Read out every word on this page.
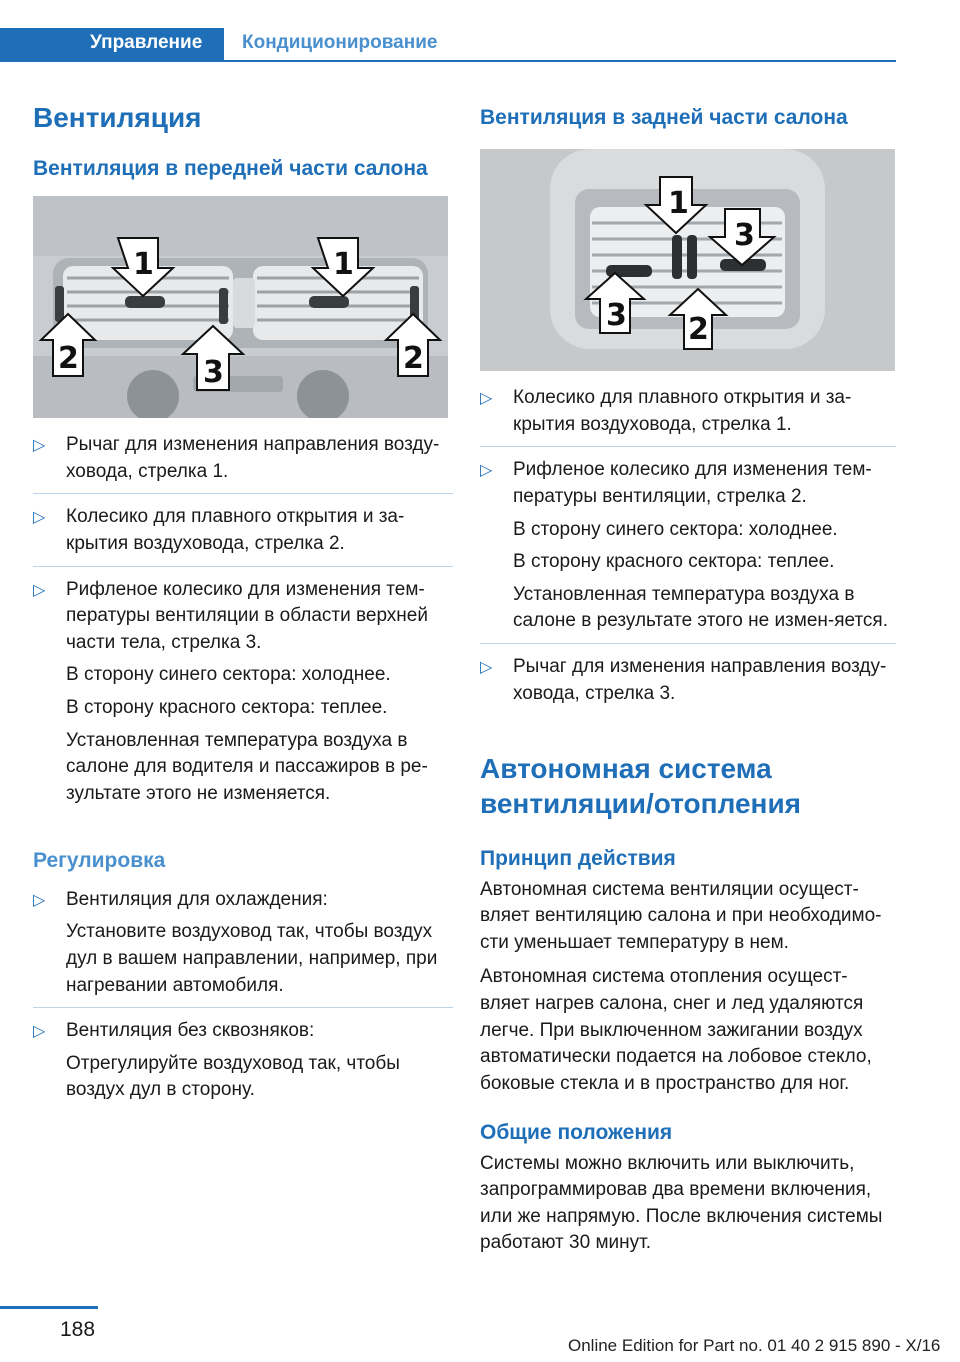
Управление Кондиционирование
Вентиляция
Вентиляция в передней части салона
1	1
2	3	2
▷ Рычаг для изменения направления возду-ховода, стрелка 1.
▷ Колесико для плавного открытия и за-крытия воздуховода, стрелка 2.
▷ Рифленое колесико для изменения тем-пературы вентиляции в области верхней части тела, стрелка 3.
В сторону синего сектора: холоднее.
В сторону красного сектора: теплее.
Установленная температура воздуха в салоне для водителя и пассажиров в ре-зультате этого не изменяется.
Регулировка
▷ Вентиляция для охлаждения:
Установите воздуховод так, чтобы воздух дул в вашем направлении, например, при нагревании автомобиля.
▷ Вентиляция без сквозняков:
Отрегулируйте воздуховод так, чтобы воздух дул в сторону.
Вентиляция в задней части салона
1
3
3 2
▷ Колесико для плавного открытия и за-крытия воздуховода, стрелка 1.
▷ Рифленое колесико для изменения тем-пературы вентиляции, стрелка 2.
В сторону синего сектора: холоднее.
В сторону красного сектора: теплее.
Установленная температура воздуха в салоне в результате этого не измен-яется.
▷ Рычаг для изменения направления возду-ховода, стрелка 3.
Автономная система вентиляции/отопления
Принцип действия

Автономная система вентиляции осущест-вляет вентиляцию салона и при необходимо-сти уменьшает температуру в нем.

Автономная система отопления осущест-вляет нагрев салона, снег и лед удаляются легче. При выключенном зажигании воздух автоматически подается на лобовое стекло, боковые стекла и в пространство для ног.

Общие положения

Системы можно включить или выключить, запрограммировав два времени включения, или же напрямую. После включения системы работают 30 минут.

188
Online Edition for Part no. 01 40 2 915 890 - X/16
